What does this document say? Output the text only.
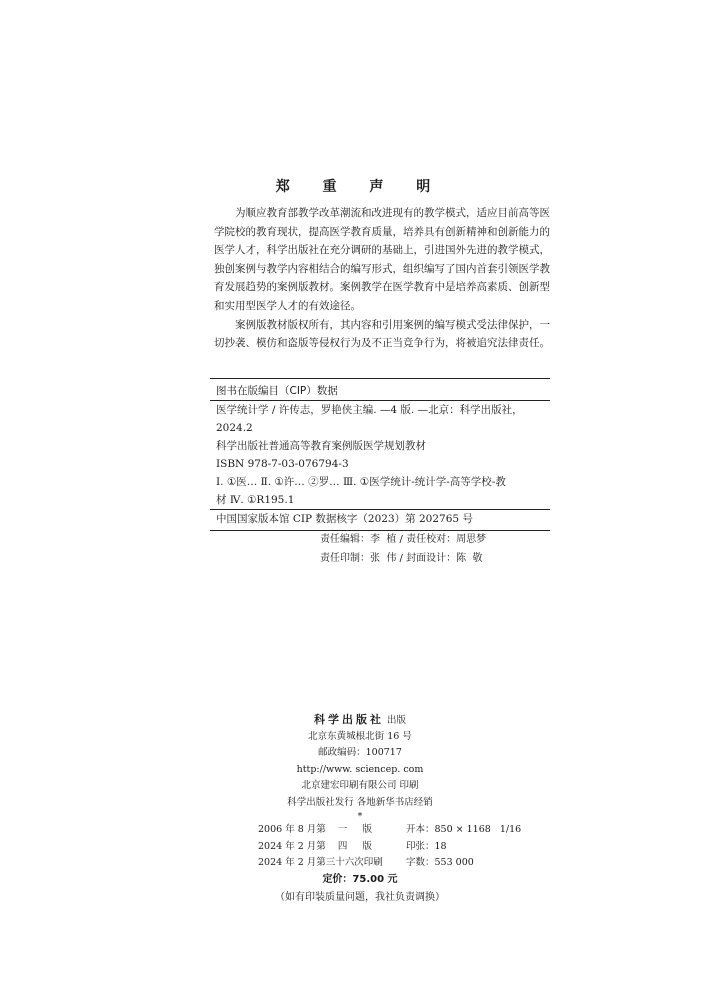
郑 重 声 明

为顺应教育部教学改革潮流和改进现有的教学模式，适应目前高等医学院校的教育现状，提高医学教育质量，培养具有创新精神和创新能力的医学人才，科学出版社在充分调研的基础上，引进国外先进的教学模式，独创案例与教学内容相结合的编写形式，组织编写了国内首套引领医学教育发展趋势的案例版教材。案例教学在医学教育中是培养高素质、创新型和实用型医学人才的有效途径。

案例版教材版权所有，其内容和引用案例的编写模式受法律保护，一切抄袭、模仿和盗版等侵权行为及不正当竞争行为，将被追究法律责任。

图书在版编目（CIP）数据
医学统计学 / 许传志，罗艳侠主编. —4 版. —北京：科学出版社，
2024.2
科学出版社普通高等教育案例版医学规划教材
ISBN 978-7-03-076794-3
Ⅰ. ①医… Ⅱ. ①许… ②罗… Ⅲ. ①医学统计-统计学-高等学校-教
材 Ⅳ. ①R195.1
中国国家版本馆 CIP 数据核字（2023）第 202765 号
责任编辑：李  植 / 责任校对：周思梦
责任印制：张  伟 / 封面设计：陈  敬
科学出版社 出版
北京东黄城根北街 16 号
邮政编码：100717
http://www. sciencep. com
北京建宏印刷有限公司 印刷
科学出版社发行 各地新华书店经销
*
2006 年 8 月第    一     版	开本：850 × 1168   1/16
2024 年 2 月第    四     版	印张：18
2024 年 2 月第三十六次印刷 字数：553 000
定价：75.00 元
（如有印装质量问题，我社负责调换）
